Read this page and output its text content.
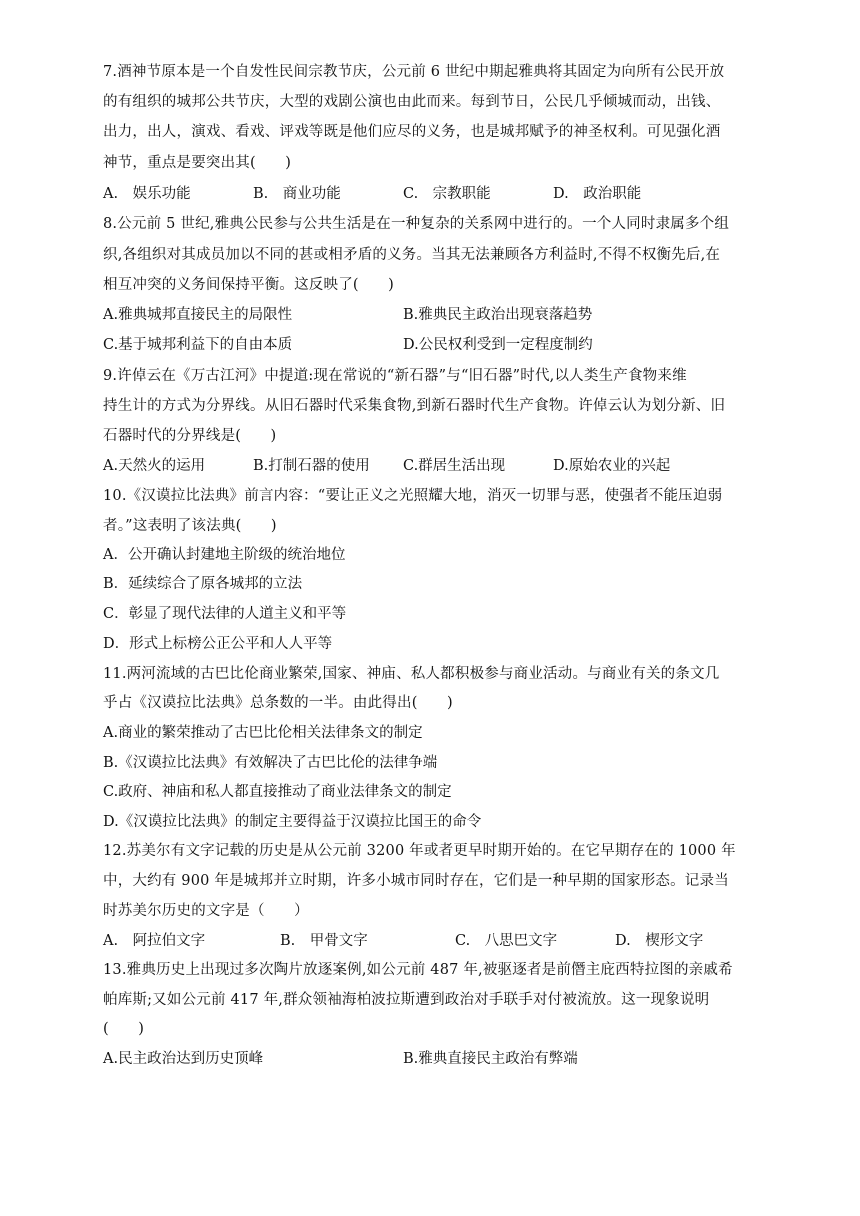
7.酒神节原本是一个自发性民间宗教节庆，公元前 6 世纪中期起雅典将其固定为向所有公民开放
的有组织的城邦公共节庆，大型的戏剧公演也由此而来。每到节日，公民几乎倾城而动，出钱、
出力，出人，演戏、看戏、评戏等既是他们应尽的义务，也是城邦赋予的神圣权利。可见强化酒
神节，重点是要突出其(　　)
A.　娱乐功能	B.　商业功能	C.　宗教职能	D.　政治职能
8.公元前 5 世纪,雅典公民参与公共生活是在一种复杂的关系网中进行的。一个人同时隶属多个组
织,各组织对其成员加以不同的甚或相矛盾的义务。当其无法兼顾各方利益时,不得不权衡先后,在
相互冲突的义务间保持平衡。这反映了(　　)
A.雅典城邦直接民主的局限性	B.雅典民主政治出现衰落趋势
C.基于城邦利益下的自由本质	D.公民权利受到一定程度制约
9.许倬云在《万古江河》中提道:现在常说的“新石器”与“旧石器”时代,以人类生产食物来维
持生计的方式为分界线。从旧石器时代采集食物,到新石器时代生产食物。许倬云认为划分新、旧
石器时代的分界线是(　　)
A.天然火的运用	B.打制石器的使用 C.群居生活出现	D.原始农业的兴起
10.《汉谟拉比法典》前言内容：“要让正义之光照耀大地，消灭一切罪与恶，使强者不能压迫弱
者。”这表明了该法典(　　)
A．公开确认封建地主阶级的统治地位
B．延续综合了原各城邦的立法
C．彰显了现代法律的人道主义和平等
D．形式上标榜公正公平和人人平等
11.两河流域的古巴比伦商业繁荣,国家、神庙、私人都积极参与商业活动。与商业有关的条文几
乎占《汉谟拉比法典》总条数的一半。由此得出(　　)
A.商业的繁荣推动了古巴比伦相关法律条文的制定
B.《汉谟拉比法典》有效解决了古巴比伦的法律争端
C.政府、神庙和私人都直接推动了商业法律条文的制定
D.《汉谟拉比法典》的制定主要得益于汉谟拉比国王的命令
12.苏美尔有文字记载的历史是从公元前 3200 年或者更早时期开始的。在它早期存在的 1000 年
中，大约有 900 年是城邦并立时期，许多小城市同时存在，它们是一种早期的国家形态。记录当
时苏美尔历史的文字是（　　）
A.　阿拉伯文字	B.　甲骨文字	C.　八思巴文字	D.　楔形文字
13.雅典历史上出现过多次陶片放逐案例,如公元前 487 年,被驱逐者是前僭主庇西特拉图的亲戚希
帕库斯;又如公元前 417 年,群众领袖海柏波拉斯遭到政治对手联手对付被流放。这一现象说明
(　　)
A.民主政治达到历史顶峰	B.雅典直接民主政治有弊端
